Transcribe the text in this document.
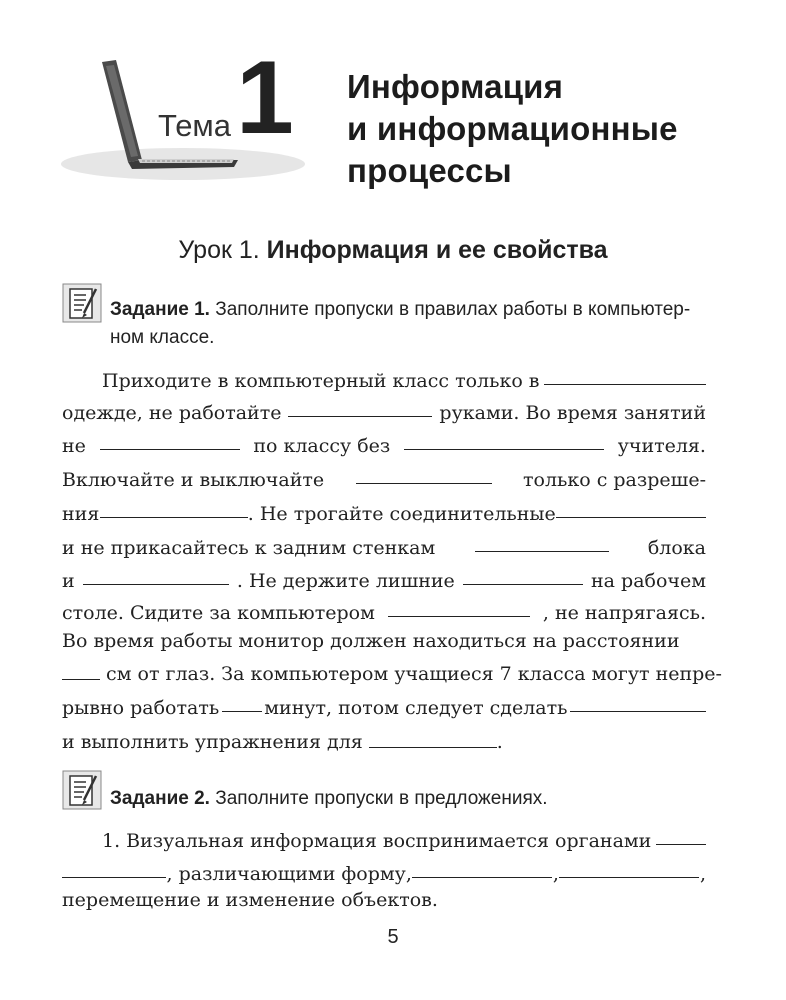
Тема 1 Информация
и информационные
процессы
Урок 1. Информация и ее свойства
Задание 1. Заполните пропуски в правилах работы в компьютер-
ном классе.
Приходите в компьютерный класс только в
одежде, не работайте	руками. Во время занятий
не	по классу без	учителя.
Включайте и выключайте	только с разреше-
ния	. Не трогайте соединительные
и не прикасайтесь к задним стенкам	блока
и	. Не держите лишние	на рабочем
столе. Сидите за компьютером	, не напрягаясь.
Во время работы монитор должен находиться на расстоянии
см от глаз. За компьютером учащиеся 7 класса могут непре-
рывно работать минут, потом следует сделать
и выполнить упражнения для	.
Задание 2. Заполните пропуски в предложениях.
1. Визуальная информация воспринимается органами
, различающими форму,	,	,
перемещение и изменение объектов.
5
